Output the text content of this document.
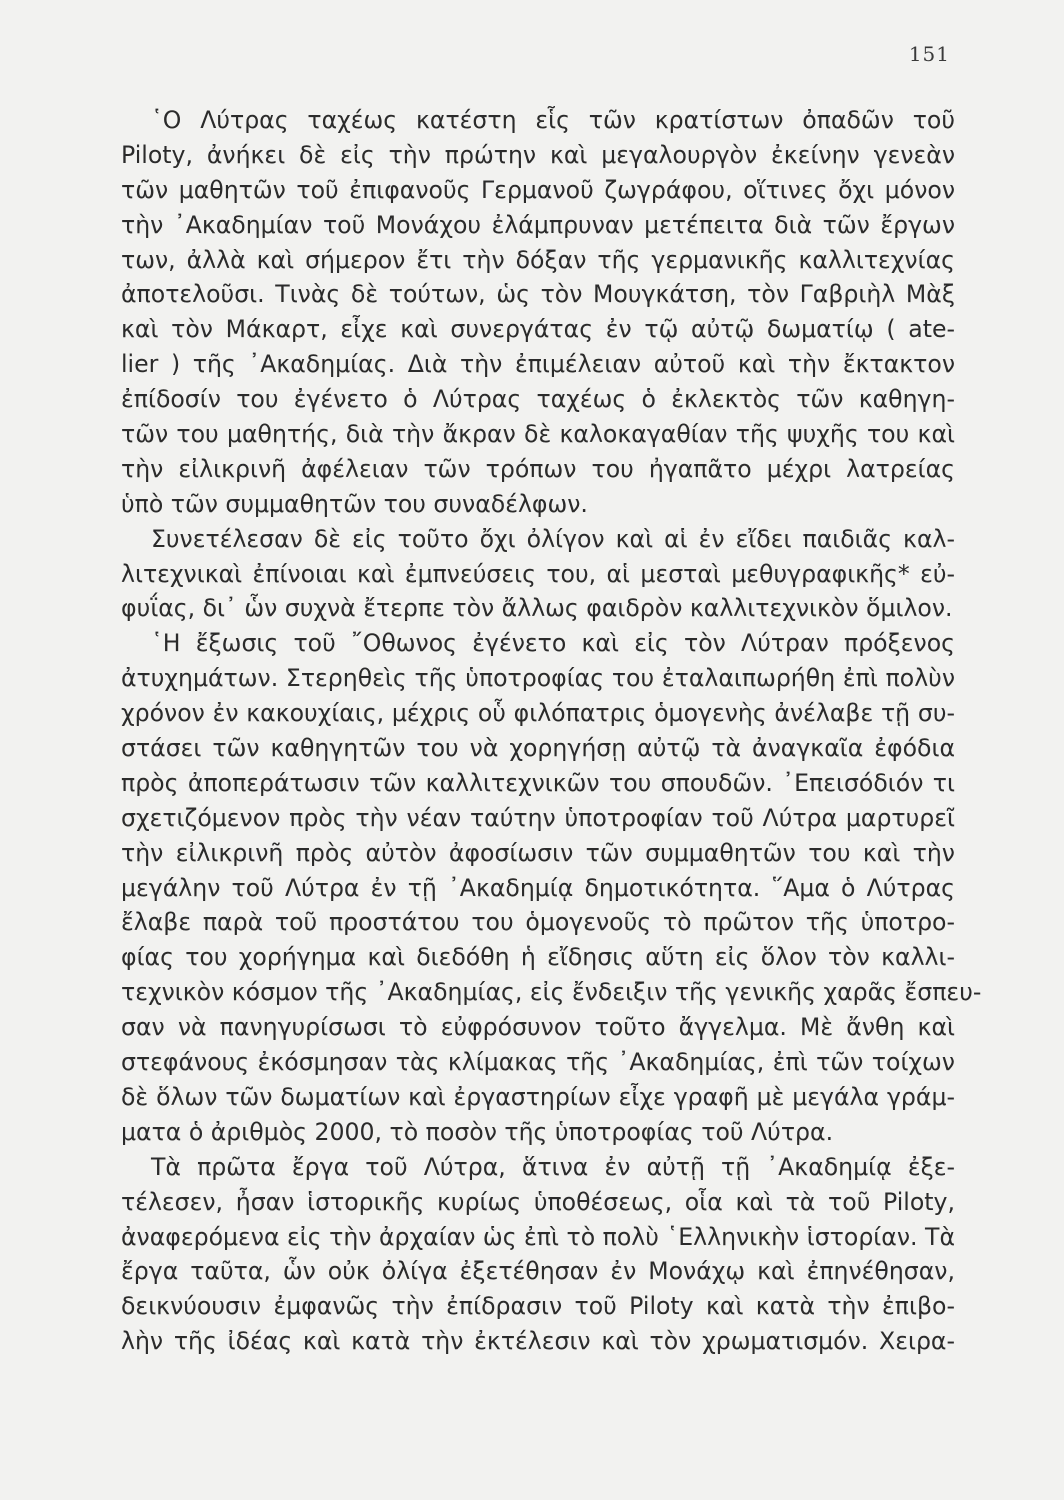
151
῾Ο Λύτρας ταχέως κατέστη εἷς τῶν κρατίστων ὀπαδῶν τοῦ
Piloty, ἀνήκει δὲ εἰς τὴν πρώτην καὶ μεγαλουργὸν ἐκείνην γενεὰν
τῶν μαθητῶν τοῦ ἐπιφανοῦς Γερμανοῦ ζωγράφου, οἵτινες ὄχι μόνον
τὴν ᾽Ακαδημίαν τοῦ Μονάχου ἐλάμπρυναν μετέπειτα διὰ τῶν ἔργων
των, ἀλλὰ καὶ σήμερον ἔτι τὴν δόξαν τῆς γερμανικῆς καλλιτεχνίας
ἀποτελοῦσι. Τινὰς δὲ τούτων, ὡς τὸν Μουγκάτση, τὸν Γαβριὴλ Μὰξ
καὶ τὸν Μάκαρτ, εἶχε καὶ συνεργάτας ἐν τῷ αὐτῷ δωματίῳ ( ate-
lier ) τῆς ᾽Ακαδημίας. Διὰ τὴν ἐπιμέλειαν αὐτοῦ καὶ τὴν ἔκτακτον
ἐπίδοσίν του ἐγένετο ὁ Λύτρας ταχέως ὁ ἐκλεκτὸς τῶν καθηγη-
τῶν του μαθητής, διὰ τὴν ἄκραν δὲ καλοκαγαθίαν τῆς ψυχῆς του καὶ
τὴν εἰλικρινῆ ἀφέλειαν τῶν τρόπων του ἠγαπᾶτο μέχρι λατρείας
ὑπὸ τῶν συμμαθητῶν του συναδέλφων.
Συνετέλεσαν δὲ εἰς τοῦτο ὄχι ὀλίγον καὶ αἱ ἐν εἴδει παιδιᾶς καλ-
λιτεχνικαὶ ἐπίνοιαι καὶ ἐμπνεύσεις του, αἱ μεσταὶ μεθυγραφικῆς* εὐ-
φυΐας, δι᾽ ὧν συχνὰ ἔτερπε τὸν ἄλλως φαιδρὸν καλλιτεχνικὸν ὅμιλον.
῾Η ἔξωσις τοῦ ῎Οθωνος ἐγένετο καὶ εἰς τὸν Λύτραν πρόξενος
ἀτυχημάτων. Στερηθεὶς τῆς ὑποτροφίας του ἐταλαιπωρήθη ἐπὶ πολὺν
χρόνον ἐν κακουχίαις, μέχρις οὗ φιλόπατρις ὁμογενὴς ἀνέλαβε τῇ συ-
στάσει τῶν καθηγητῶν του νὰ χορηγήσῃ αὐτῷ τὰ ἀναγκαῖα ἐφόδια
πρὸς ἀποπεράτωσιν τῶν καλλιτεχνικῶν του σπουδῶν. ᾽Επεισόδιόν τι
σχετιζόμενον πρὸς τὴν νέαν ταύτην ὑποτροφίαν τοῦ Λύτρα μαρτυρεῖ
τὴν εἰλικρινῆ πρὸς αὐτὸν ἀφοσίωσιν τῶν συμμαθητῶν του καὶ τὴν
μεγάλην τοῦ Λύτρα ἐν τῇ ᾽Ακαδημίᾳ δημοτικότητα. ῞Αμα ὁ Λύτρας
ἔλαβε παρὰ τοῦ προστάτου του ὁμογενοῦς τὸ πρῶτον τῆς ὑποτρο-
φίας του χορήγημα καὶ διεδόθη ἡ εἴδησις αὕτη εἰς ὅλον τὸν καλλι-
τεχνικὸν κόσμον τῆς ᾽Ακαδημίας, εἰς ἔνδειξιν τῆς γενικῆς χαρᾶς ἔσπευ-
σαν νὰ πανηγυρίσωσι τὸ εὐφρόσυνον τοῦτο ἄγγελμα. Μὲ ἄνθη καὶ
στεφάνους ἐκόσμησαν τὰς κλίμακας τῆς ᾽Ακαδημίας, ἐπὶ τῶν τοίχων
δὲ ὅλων τῶν δωματίων καὶ ἐργαστηρίων εἶχε γραφῆ μὲ μεγάλα γράμ-
ματα ὁ ἀριθμὸς 2000, τὸ ποσὸν τῆς ὑποτροφίας τοῦ Λύτρα.
Τὰ πρῶτα ἔργα τοῦ Λύτρα, ἅτινα ἐν αὐτῇ τῇ ᾽Ακαδημίᾳ ἐξε-
τέλεσεν, ἦσαν ἱστορικῆς κυρίως ὑποθέσεως, οἷα καὶ τὰ τοῦ Piloty,
ἀναφερόμενα εἰς τὴν ἀρχαίαν ὡς ἐπὶ τὸ πολὺ ῾Ελληνικὴν ἱστορίαν. Τὰ
ἔργα ταῦτα, ὧν οὐκ ὀλίγα ἐξετέθησαν ἐν Μονάχῳ καὶ ἐπηνέθησαν,
δεικνύουσιν ἐμφανῶς τὴν ἐπίδρασιν τοῦ Piloty καὶ κατὰ τὴν ἐπιβο-
λὴν τῆς ἰδέας καὶ κατὰ τὴν ἐκτέλεσιν καὶ τὸν χρωματισμόν. Χειρα-
